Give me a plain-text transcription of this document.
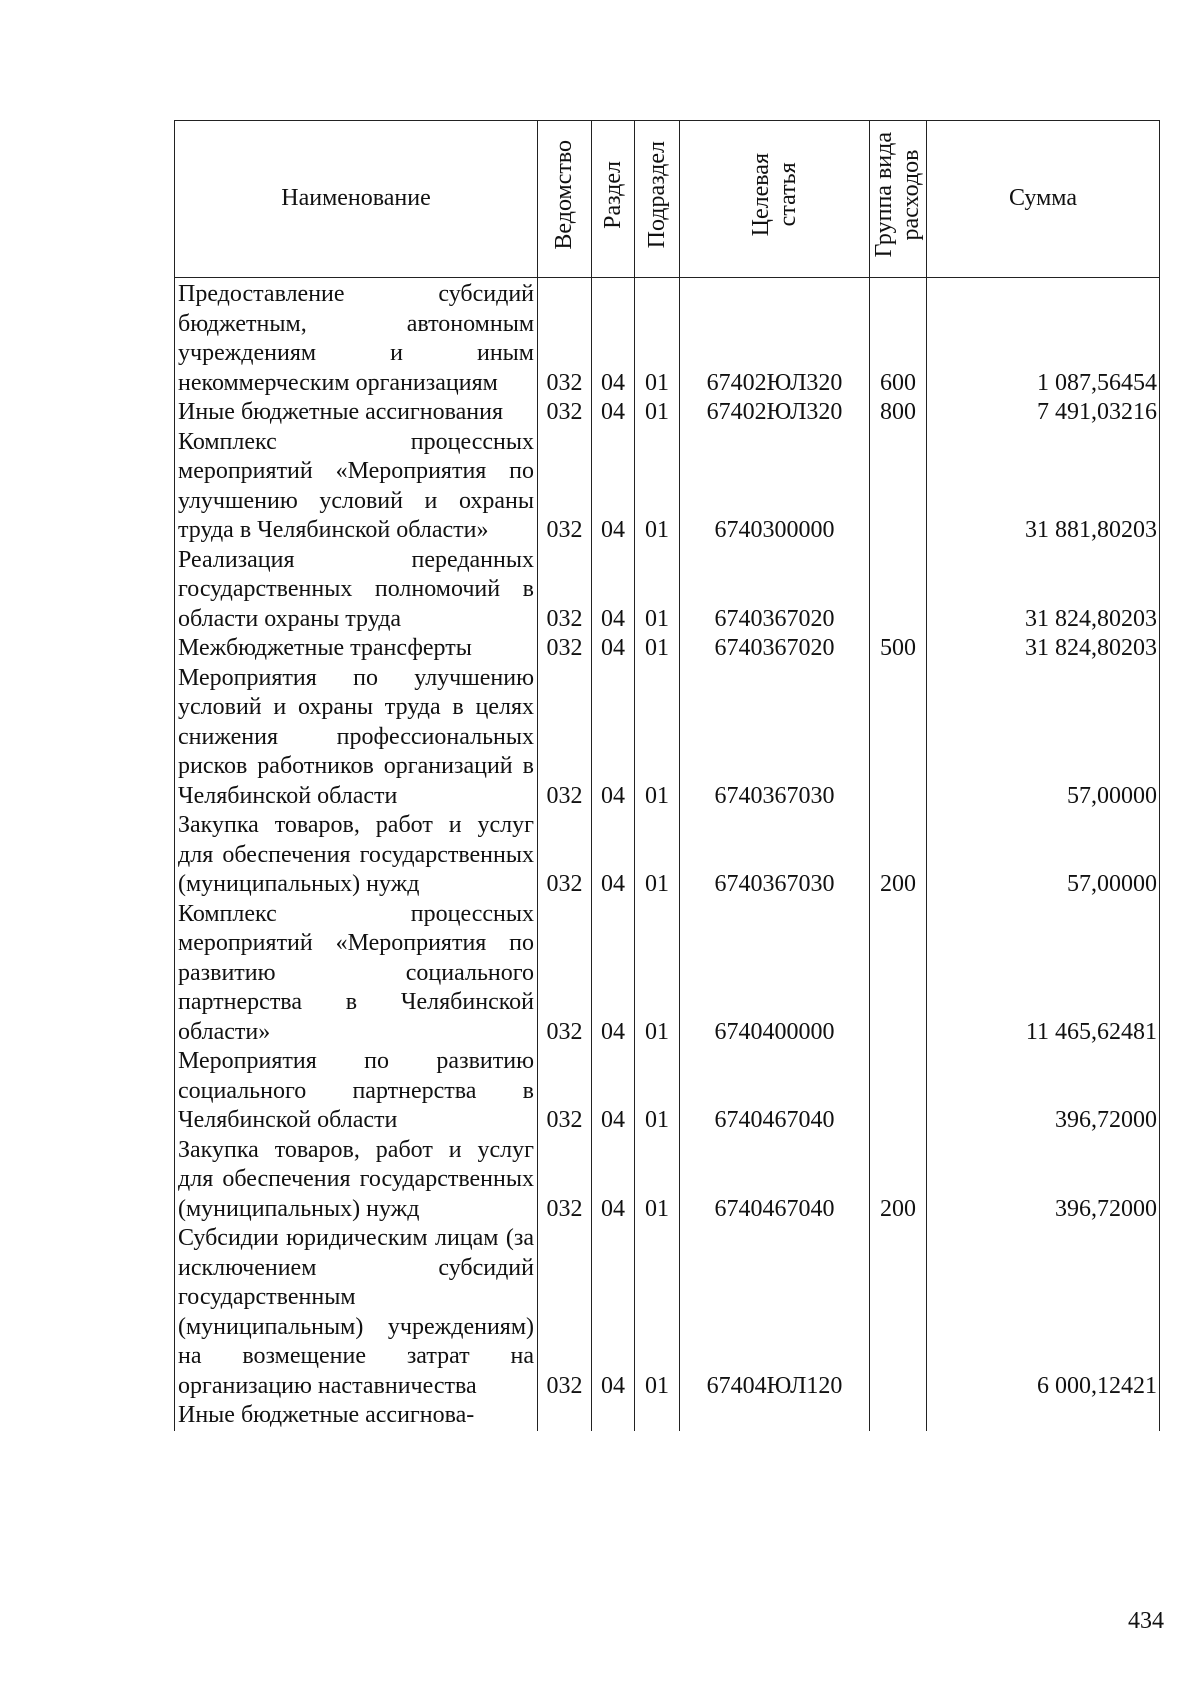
Наименование	Ведомство	Раздел	Подраздел	Целевая статья	Группа вида расходов	Сумма

Предоставление субсидий бюджетным, автономным учреждениям и иным некоммерческим организациям	032	04	01	67402ЮЛ320	600	1 087,56454
Иные бюджетные ассигнования	032	04	01	67402ЮЛ320	800	7 491,03216
Комплекс процессных мероприятий «Мероприятия по улучшению условий и охраны труда в Челябинской области»	032	04	01	6740300000		31 881,80203
Реализация переданных государственных полномочий в области охраны труда	032	04	01	6740367020		31 824,80203
Межбюджетные трансферты	032	04	01	6740367020	500	31 824,80203
Мероприятия по улучшению условий и охраны труда в целях снижения профессиональных рисков работников организаций в Челябинской области	032	04	01	6740367030		57,00000
Закупка товаров, работ и услуг для обеспечения государственных (муниципальных) нужд	032	04	01	6740367030	200	57,00000
Комплекс процессных мероприятий «Мероприятия по развитию социального партнерства в Челябинской области»	032	04	01	6740400000		11 465,62481
Мероприятия по развитию социального партнерства в Челябинской области	032	04	01	6740467040		396,72000
Закупка товаров, работ и услуг для обеспечения государственных (муниципальных) нужд	032	04	01	6740467040	200	396,72000
Субсидии юридическим лицам (за исключением субсидий государственным (муниципальным) учреждениям) на возмещение затрат на организацию наставничества	032	04	01	67404ЮЛ120		6 000,12421
Иные бюджетные ассигнова-						
434
